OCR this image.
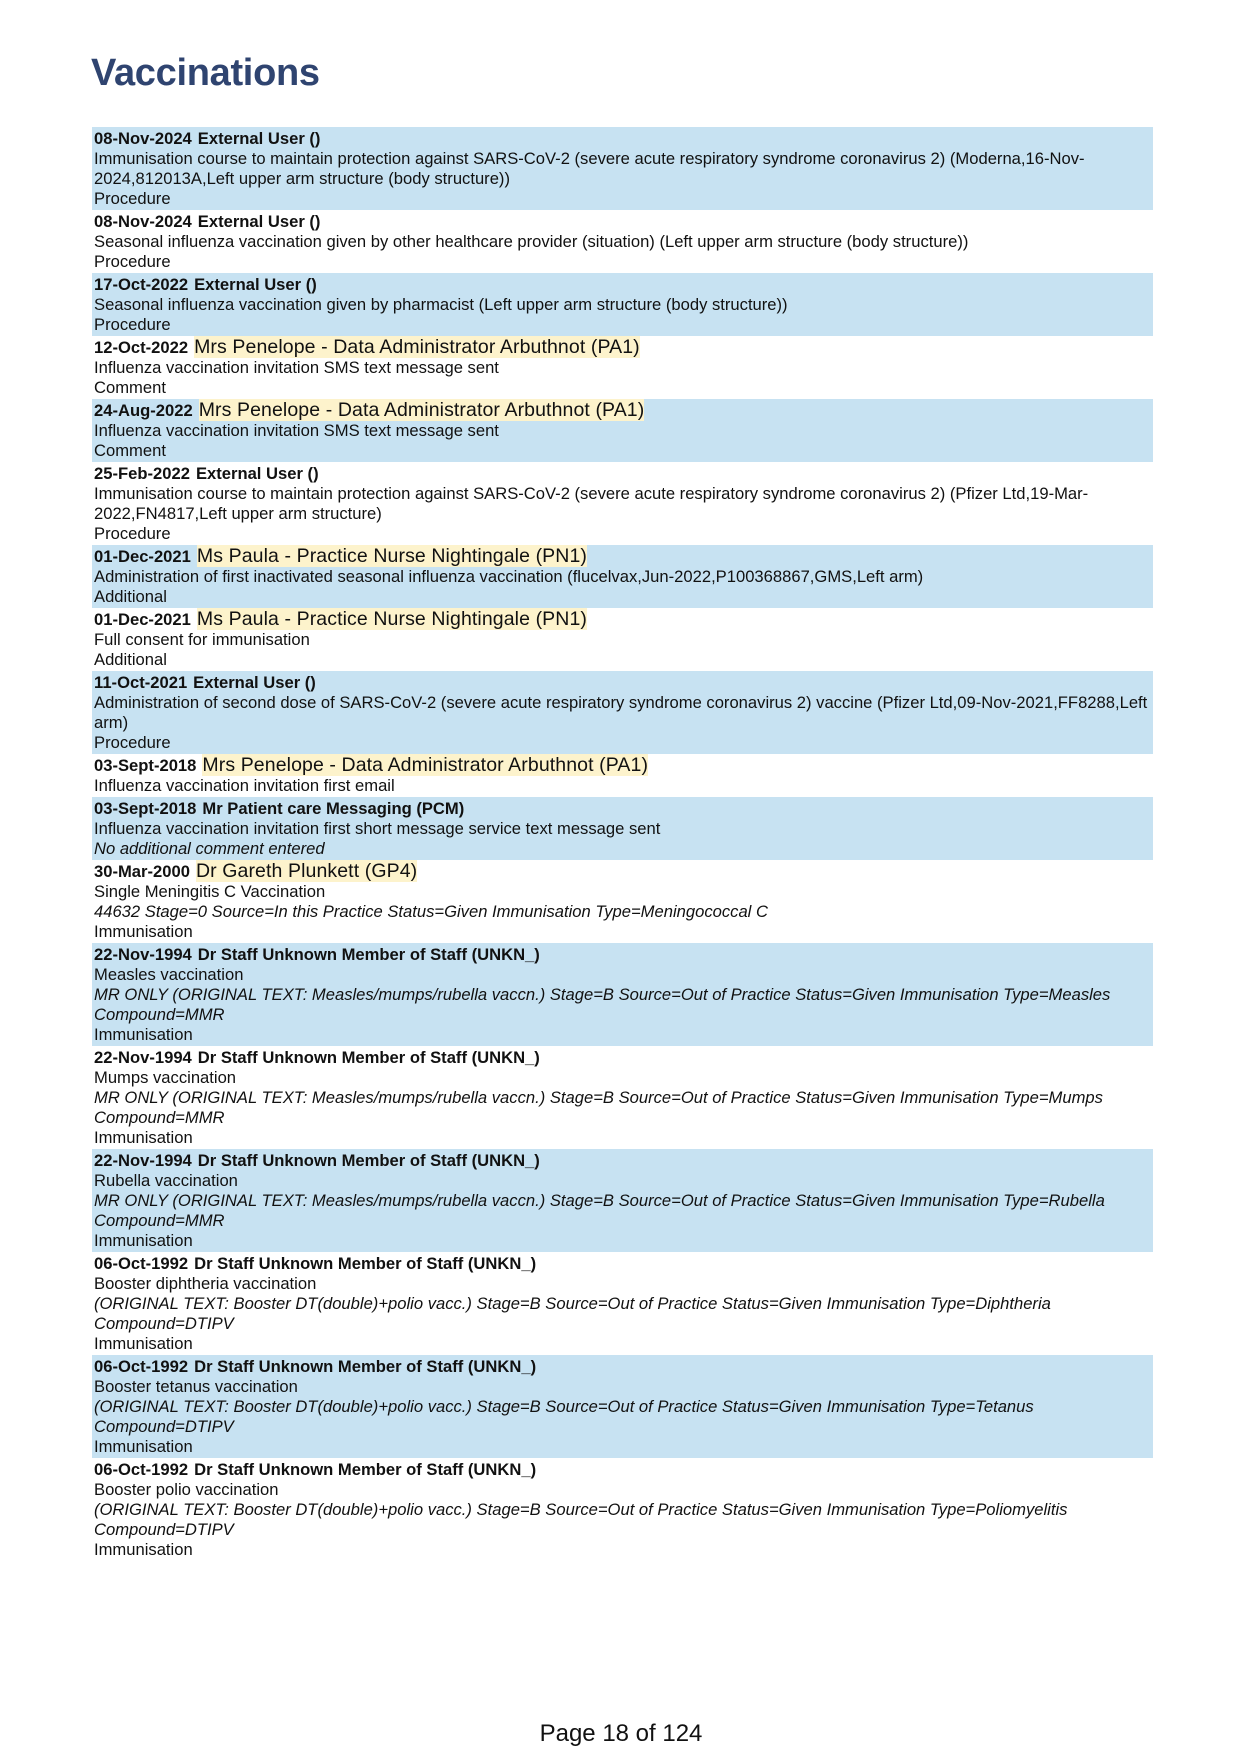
Vaccinations
08-Nov-2024 External User ()
Immunisation course to maintain protection against SARS-CoV-2 (severe acute respiratory syndrome coronavirus 2) (Moderna,16-Nov-2024,812013A,Left upper arm structure (body structure))
Procedure
08-Nov-2024 External User ()
Seasonal influenza vaccination given by other healthcare provider (situation) (Left upper arm structure (body structure))
Procedure
17-Oct-2022 External User ()
Seasonal influenza vaccination given by pharmacist (Left upper arm structure (body structure))
Procedure
12-Oct-2022 Mrs Penelope - Data Administrator Arbuthnot (PA1)
Influenza vaccination invitation SMS text message sent
Comment
24-Aug-2022 Mrs Penelope - Data Administrator Arbuthnot (PA1)
Influenza vaccination invitation SMS text message sent
Comment
25-Feb-2022 External User ()
Immunisation course to maintain protection against SARS-CoV-2 (severe acute respiratory syndrome coronavirus 2) (Pfizer Ltd,19-Mar-2022,FN4817,Left upper arm structure)
Procedure
01-Dec-2021 Ms Paula - Practice Nurse Nightingale (PN1)
Administration of first inactivated seasonal influenza vaccination (flucelvax,Jun-2022,P100368867,GMS,Left arm)
Additional
01-Dec-2021 Ms Paula - Practice Nurse Nightingale (PN1)
Full consent for immunisation
Additional
11-Oct-2021 External User ()
Administration of second dose of SARS-CoV-2 (severe acute respiratory syndrome coronavirus 2) vaccine (Pfizer Ltd,09-Nov-2021,FF8288,Left arm)
Procedure
03-Sept-2018 Mrs Penelope - Data Administrator Arbuthnot (PA1)
Influenza vaccination invitation first email
03-Sept-2018 Mr Patient care Messaging (PCM)
Influenza vaccination invitation first short message service text message sent
No additional comment entered
30-Mar-2000 Dr Gareth Plunkett (GP4)
Single Meningitis C Vaccination
44632 Stage=0 Source=In this Practice Status=Given Immunisation Type=Meningococcal C
Immunisation
22-Nov-1994 Dr Staff Unknown Member of Staff (UNKN_)
Measles vaccination
MR ONLY (ORIGINAL TEXT: Measles/mumps/rubella vaccn.) Stage=B Source=Out of Practice Status=Given Immunisation Type=Measles Compound=MMR
Immunisation
22-Nov-1994 Dr Staff Unknown Member of Staff (UNKN_)
Mumps vaccination
MR ONLY (ORIGINAL TEXT: Measles/mumps/rubella vaccn.) Stage=B Source=Out of Practice Status=Given Immunisation Type=Mumps Compound=MMR
Immunisation
22-Nov-1994 Dr Staff Unknown Member of Staff (UNKN_)
Rubella vaccination
MR ONLY (ORIGINAL TEXT: Measles/mumps/rubella vaccn.) Stage=B Source=Out of Practice Status=Given Immunisation Type=Rubella Compound=MMR
Immunisation
06-Oct-1992 Dr Staff Unknown Member of Staff (UNKN_)
Booster diphtheria vaccination
(ORIGINAL TEXT: Booster DT(double)+polio vacc.) Stage=B Source=Out of Practice Status=Given Immunisation Type=Diphtheria Compound=DTIPV
Immunisation
06-Oct-1992 Dr Staff Unknown Member of Staff (UNKN_)
Booster tetanus vaccination
(ORIGINAL TEXT: Booster DT(double)+polio vacc.) Stage=B Source=Out of Practice Status=Given Immunisation Type=Tetanus Compound=DTIPV
Immunisation
06-Oct-1992 Dr Staff Unknown Member of Staff (UNKN_)
Booster polio vaccination
(ORIGINAL TEXT: Booster DT(double)+polio vacc.) Stage=B Source=Out of Practice Status=Given Immunisation Type=Poliomyelitis Compound=DTIPV
Immunisation
Page 18 of 124
